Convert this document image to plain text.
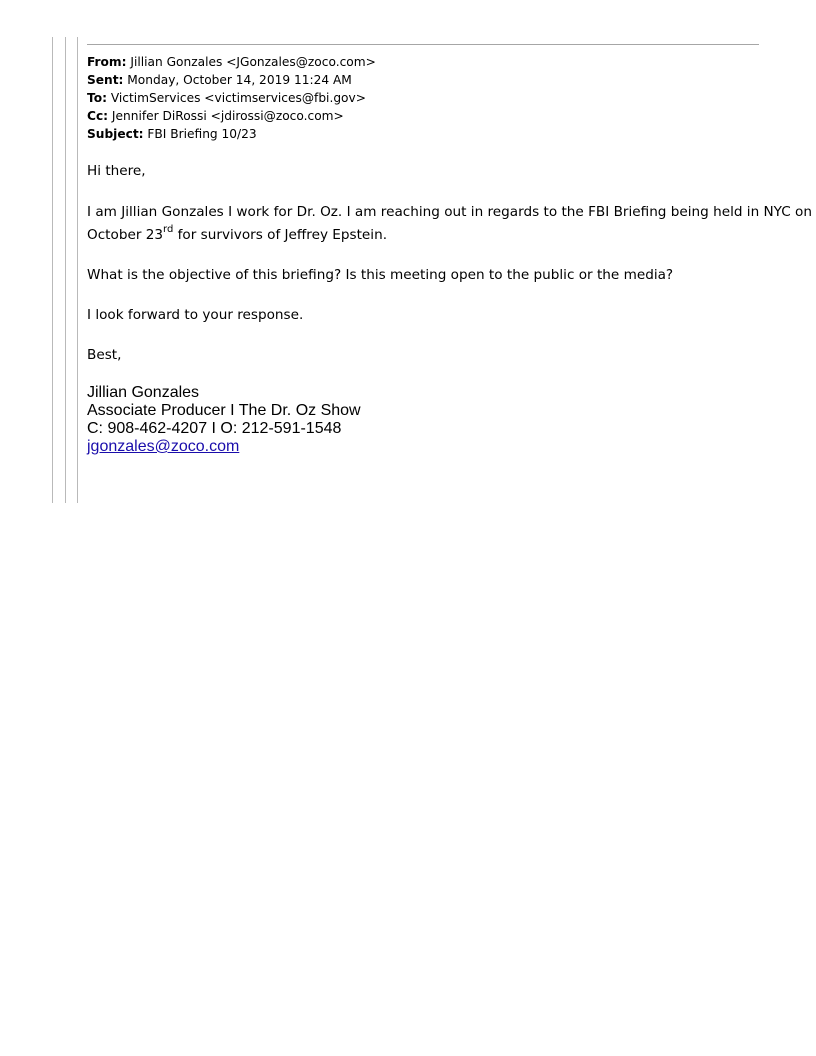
From: Jillian Gonzales <JGonzales@zoco.com>
Sent: Monday, October 14, 2019 11:24 AM
To: VictimServices <victimservices@fbi.gov>
Cc: Jennifer DiRossi <jdirossi@zoco.com>
Subject: FBI Briefing 10/23

Hi there,

I am Jillian Gonzales I work for Dr. Oz. I am reaching out in regards to the FBI Briefing being held in NYC on
October 23rd for survivors of Jeffrey Epstein.

What is the objective of this briefing? Is this meeting open to the public or the media?

I look forward to your response.

Best,

Jillian Gonzales
Associate Producer I The Dr. Oz Show
C: 908-462-4207 I O: 212-591-1548
jgonzales@zoco.com
